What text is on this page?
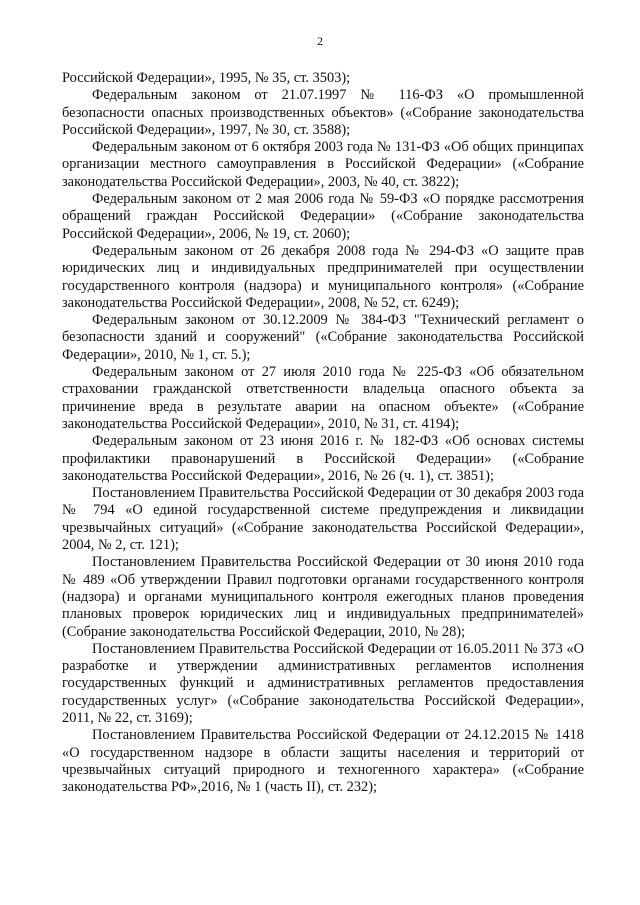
2

Российской Федерации», 1995, № 35, ст. 3503);

Федеральным законом от 21.07.1997 № 116-ФЗ «О промышленной безопасности опасных производственных объектов» («Собрание законодательства Российской Федерации», 1997, № 30, ст. 3588);

Федеральным законом от 6 октября 2003 года № 131-ФЗ «Об общих принципах организации местного самоуправления в Российской Федерации» («Собрание законодательства Российской Федерации», 2003, № 40, ст. 3822);

Федеральным законом от 2 мая 2006 года № 59-ФЗ «О порядке рассмотрения обращений граждан Российской Федерации» («Собрание законодательства Российской Федерации», 2006, № 19, ст. 2060);

Федеральным законом от 26 декабря 2008 года № 294-ФЗ «О защите прав юридических лиц и индивидуальных предпринимателей при осуществлении государственного контроля (надзора) и муниципального контроля» («Собрание законодательства Российской Федерации», 2008, № 52, ст. 6249);

Федеральным законом от 30.12.2009 № 384-ФЗ "Технический регламент о безопасности зданий и сооружений" («Собрание законодательства Российской Федерации», 2010, № 1, ст. 5.);

Федеральным законом от 27 июля 2010 года № 225-ФЗ «Об обязательном страховании гражданской ответственности владельца опасного объекта за причинение вреда в результате аварии на опасном объекте» («Собрание законодательства Российской Федерации», 2010, № 31, ст. 4194);

Федеральным законом от 23 июня 2016 г. № 182-ФЗ «Об основах системы профилактики правонарушений в Российской Федерации» («Собрание законодательства Российской Федерации», 2016, № 26 (ч. 1), ст. 3851);

Постановлением Правительства Российской Федерации от 30 декабря 2003 года № 794 «О единой государственной системе предупреждения и ликвидации чрезвычайных ситуаций» («Собрание законодательства Российской Федерации», 2004, № 2, ст. 121);

Постановлением Правительства Российской Федерации от 30 июня 2010 года № 489 «Об утверждении Правил подготовки органами государственного контроля (надзора) и органами муниципального контроля ежегодных планов проведения плановых проверок юридических лиц и индивидуальных предпринимателей» (Собрание законодательства Российской Федерации, 2010, № 28);

Постановлением Правительства Российской Федерации от 16.05.2011 № 373 «О разработке и утверждении административных регламентов исполнения государственных функций и административных регламентов предоставления государственных услуг» («Собрание законодательства Российской Федерации», 2011, № 22, ст. 3169);

Постановлением Правительства Российской Федерации от 24.12.2015 № 1418 «О государственном надзоре в области защиты населения и территорий от чрезвычайных ситуаций природного и техногенного характера» («Собрание законодательства РФ»,2016, № 1 (часть II), ст. 232);
